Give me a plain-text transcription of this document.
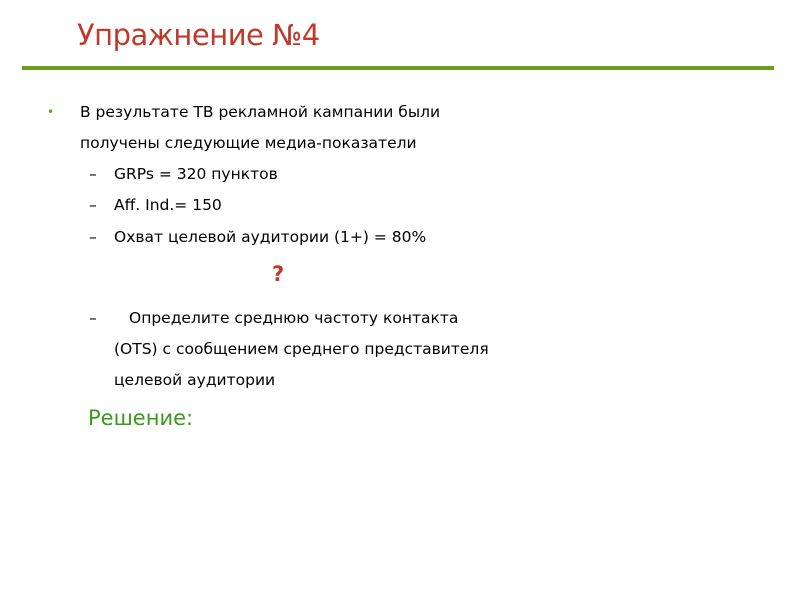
Упражнение №4
• В результате ТВ рекламной кампании были
получены следующие медиа-показатели
– GRPs = 320 пунктов
– Aff. Ind.= 150
– Охват целевой аудитории (1+) = 80%
?
–	Определите среднюю частоту контакта
(OTS) с сообщением среднего представителя
целевой аудитории
Решение:
